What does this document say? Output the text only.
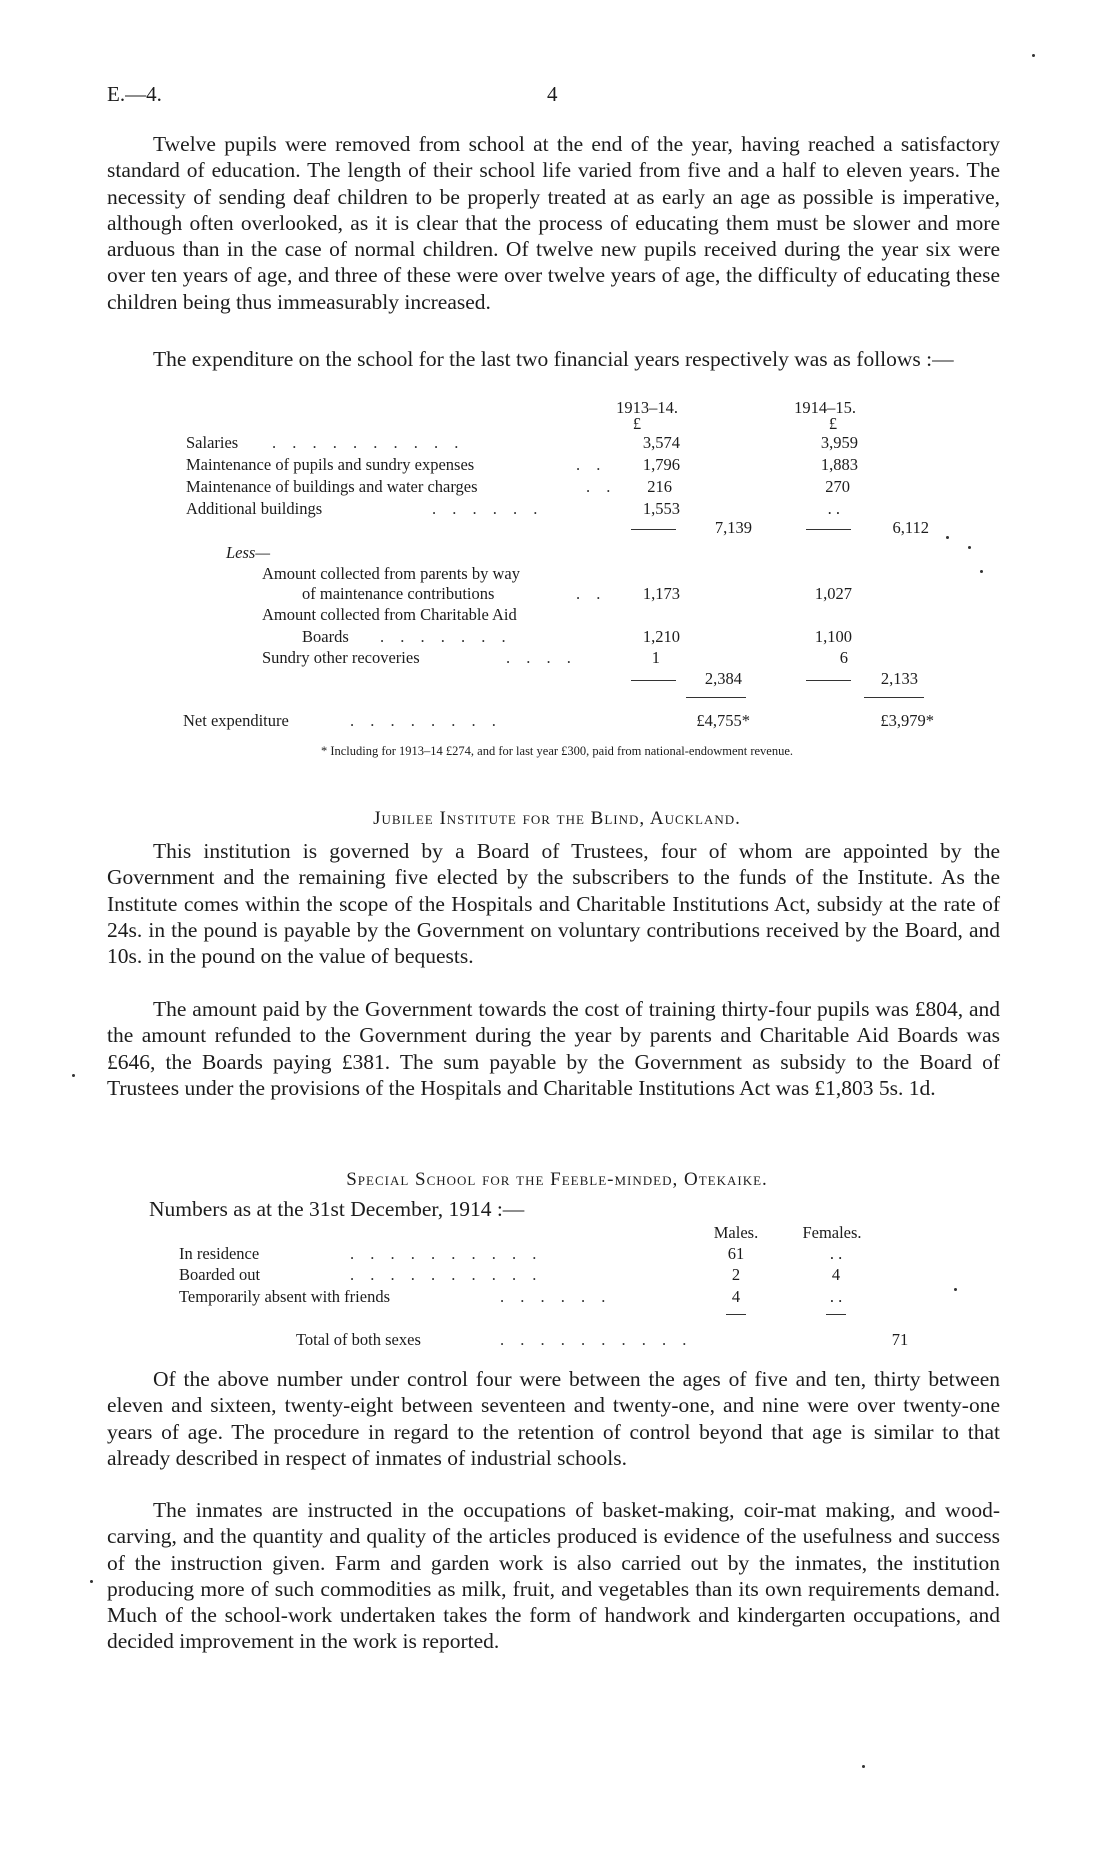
E.—4.	4

Twelve pupils were removed from school at the end of the year, having reached a satisfactory standard of education. The length of their school life varied from five and a half to eleven years. The necessity of sending deaf children to be properly treated at as early an age as possible is imperative, although often overlooked, as it is clear that the process of educating them must be slower and more arduous than in the case of normal children. Of twelve new pupils received during the year six were over ten years of age, and three of these were over twelve years of age, the difficulty of educating these children being thus immeasurably increased.

The expenditure on the school for the last two financial years respectively was as follows :—

1913–14.	1914–15.
£	£
Salaries . . . . . . . . . .	3,574	3,959
Maintenance of pupils and sundry expenses	. .	1,796	1,883
Maintenance of buildings and water charges	. .	216	270
Additional buildings	. . . . . .	1,553	. .
7,139	6,112
Less—
Amount collected from parents by way
of maintenance contributions	. .	1,173	1,027
Amount collected from Charitable Aid
Boards . . . . . . .	1,210	1,100
Sundry other recoveries	. . . .	1	6
2,384	2,133
Net expenditure	. . . . . . . .	£4,755*	£3,979*
* Including for 1913–14 £274, and for last year £300, paid from national-endowment revenue.
Jubilee Institute for the Blind, Auckland.

This institution is governed by a Board of Trustees, four of whom are appointed by the Government and the remaining five elected by the subscribers to the funds of the Institute. As the Institute comes within the scope of the Hospitals and Charitable Institutions Act, subsidy at the rate of 24s. in the pound is payable by the Government on voluntary contributions received by the Board, and 10s. in the pound on the value of bequests.

The amount paid by the Government towards the cost of training thirty-four pupils was £804, and the amount refunded to the Government during the year by parents and Charitable Aid Boards was £646, the Boards paying £381. The sum payable by the Government as subsidy to the Board of Trustees under the provisions of the Hospitals and Charitable Institutions Act was £1,803 5s. 1d.

Special School for the Feeble-minded, Otekaike.
Numbers as at the 31st December, 1914 :—
Males.	Females.
In residence	. . . . . . . . . .	61	. .
Boarded out	. . . . . . . . . .	2	4
Temporarily absent with friends	. . . . . .	4	. .
Total of both sexes	. . . . . . . . . .	71

Of the above number under control four were between the ages of five and ten, thirty between eleven and sixteen, twenty-eight between seventeen and twenty-one, and nine were over twenty-one years of age. The procedure in regard to the retention of control beyond that age is similar to that already described in respect of inmates of industrial schools.

The inmates are instructed in the occupations of basket-making, coir-mat making, and wood-carving, and the quantity and quality of the articles produced is evidence of the usefulness and success of the instruction given. Farm and garden work is also carried out by the inmates, the institution producing more of such commodities as milk, fruit, and vegetables than its own requirements demand. Much of the school-work undertaken takes the form of handwork and kindergarten occupations, and decided improvement in the work is reported.
